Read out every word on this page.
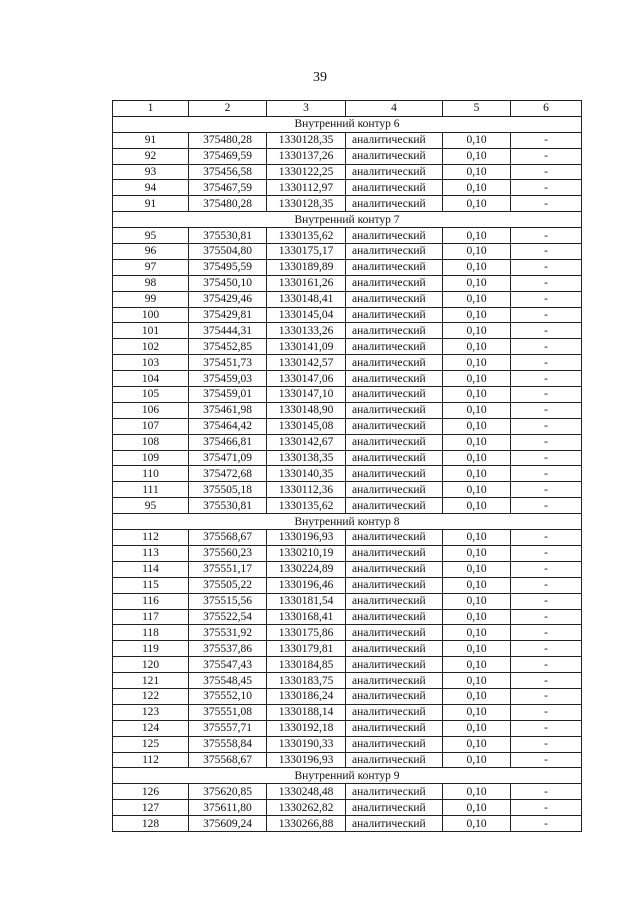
39
1	2	3	4	5	6
Внутренний контур 6					
91	375480,28	1330128,35	аналитический	0,10	-
92	375469,59	1330137,26	аналитический	0,10	-
93	375456,58	1330122,25	аналитический	0,10	-
94	375467,59	1330112,97	аналитический	0,10	-
91	375480,28	1330128,35	аналитический	0,10	-
Внутренний контур 7					
95	375530,81	1330135,62	аналитический	0,10	-
96	375504,80	1330175,17	аналитический	0,10	-
97	375495,59	1330189,89	аналитический	0,10	-
98	375450,10	1330161,26	аналитический	0,10	-
99	375429,46	1330148,41	аналитический	0,10	-
100	375429,81	1330145,04	аналитический	0,10	-
101	375444,31	1330133,26	аналитический	0,10	-
102	375452,85	1330141,09	аналитический	0,10	-
103	375451,73	1330142,57	аналитический	0,10	-
104	375459,03	1330147,06	аналитический	0,10	-
105	375459,01	1330147,10	аналитический	0,10	-
106	375461,98	1330148,90	аналитический	0,10	-
107	375464,42	1330145,08	аналитический	0,10	-
108	375466,81	1330142,67	аналитический	0,10	-
109	375471,09	1330138,35	аналитический	0,10	-
110	375472,68	1330140,35	аналитический	0,10	-
111	375505,18	1330112,36	аналитический	0,10	-
95	375530,81	1330135,62	аналитический	0,10	-
Внутренний контур 8					
112	375568,67	1330196,93	аналитический	0,10	-
113	375560,23	1330210,19	аналитический	0,10	-
114	375551,17	1330224,89	аналитический	0,10	-
115	375505,22	1330196,46	аналитический	0,10	-
116	375515,56	1330181,54	аналитический	0,10	-
117	375522,54	1330168,41	аналитический	0,10	-
118	375531,92	1330175,86	аналитический	0,10	-
119	375537,86	1330179,81	аналитический	0,10	-
120	375547,43	1330184,85	аналитический	0,10	-
121	375548,45	1330183,75	аналитический	0,10	-
122	375552,10	1330186,24	аналитический	0,10	-
123	375551,08	1330188,14	аналитический	0,10	-
124	375557,71	1330192,18	аналитический	0,10	-
125	375558,84	1330190,33	аналитический	0,10	-
112	375568,67	1330196,93	аналитический	0,10	-
Внутренний контур 9					
126	375620,85	1330248,48	аналитический	0,10	-
127	375611,80	1330262,82	аналитический	0,10	-
128	375609,24	1330266,88	аналитический	0,10	-
